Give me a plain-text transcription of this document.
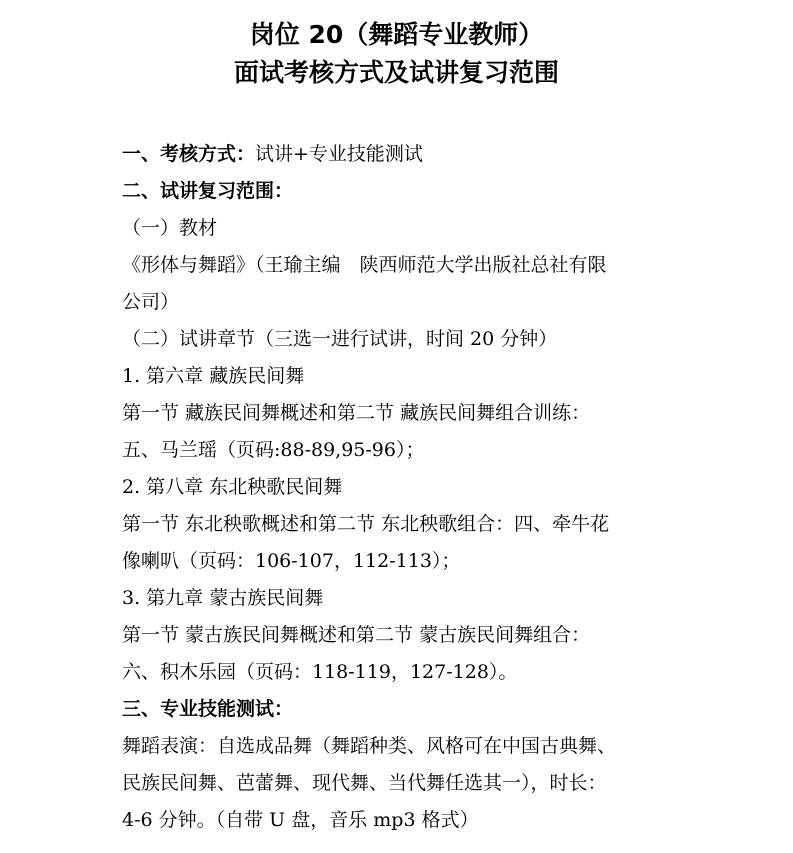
岗位 20（舞蹈专业教师）
面试考核方式及试讲复习范围
一、考核方式：试讲+专业技能测试
二、试讲复习范围：
（一）教材
《形体与舞蹈》（王瑜主编　陕西师范大学出版社总社有限
公司）
（二）试讲章节（三选一进行试讲，时间 20 分钟）
1. 第六章 藏族民间舞
第一节 藏族民间舞概述和第二节 藏族民间舞组合训练：
五、马兰瑶（页码:88-89,95-96）；
2. 第八章 东北秧歌民间舞
第一节 东北秧歌概述和第二节 东北秧歌组合：四、牵牛花
像喇叭（页码：106-107，112-113）；
3. 第九章 蒙古族民间舞
第一节 蒙古族民间舞概述和第二节 蒙古族民间舞组合：
六、积木乐园（页码：118-119，127-128）。
三、专业技能测试：
舞蹈表演：自选成品舞（舞蹈种类、风格可在中国古典舞、
民族民间舞、芭蕾舞、现代舞、当代舞任选其一），时长：
4-6 分钟。（自带 U 盘，音乐 mp3 格式）
